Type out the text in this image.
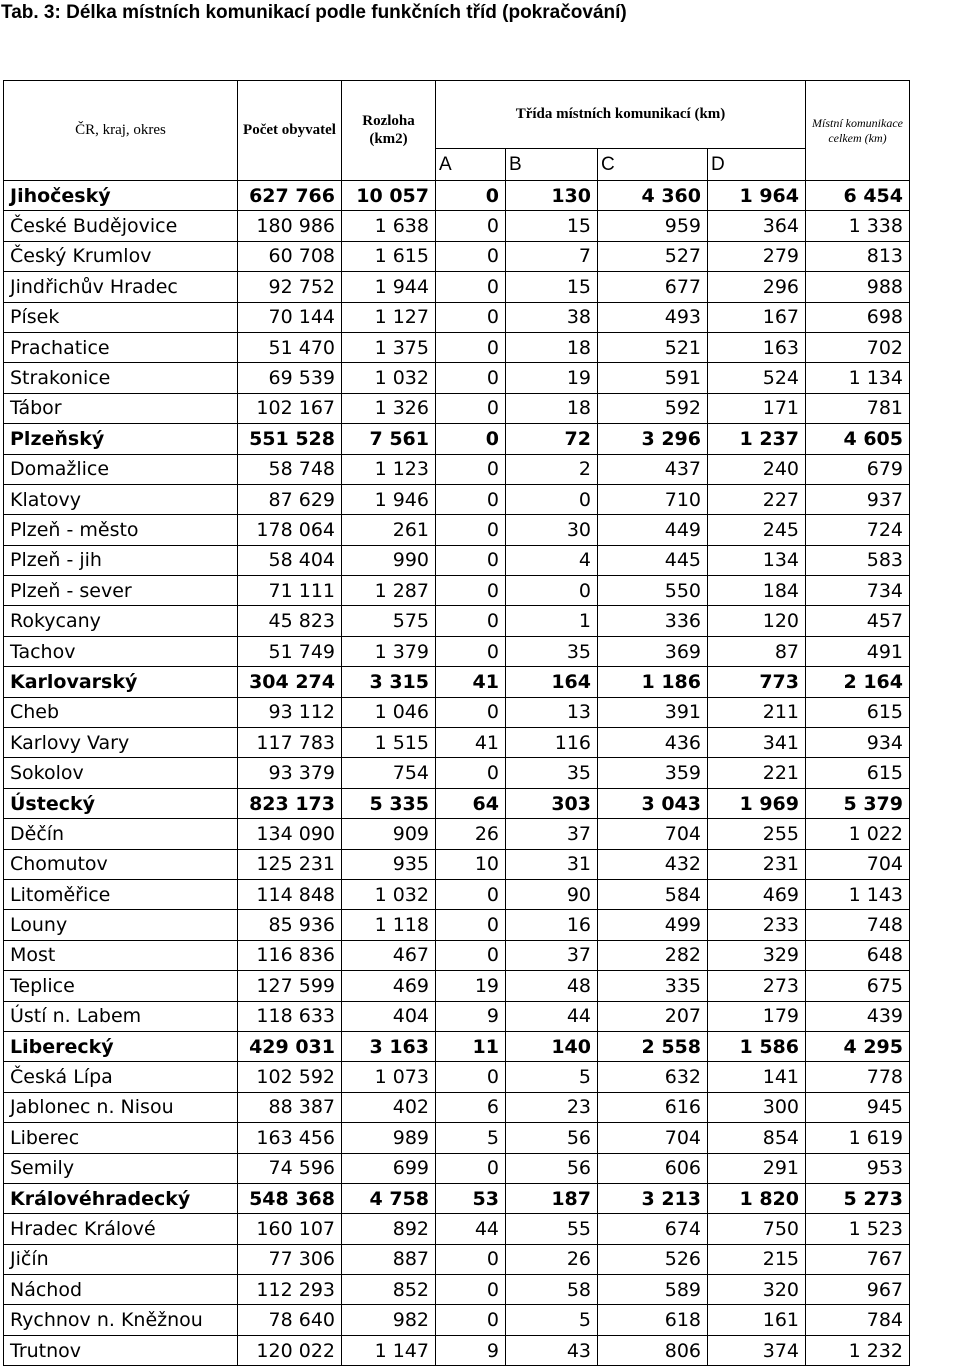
Tab. 3: Délka místních komunikací podle funkčních tříd (pokračování)
ČR, kraj, okres	Počet obyvatel	Rozloha (km2)	Třída místních komunikací (km)				Místní komunikace celkem (km)
			A	B	C	D	
Jihočeský	627 766	10 057	0	130	4 360	1 964	6 454
České Budějovice	180 986	1 638	0	15	959	364	1 338
Český Krumlov	60 708	1 615	0	7	527	279	813
Jindřichův Hradec	92 752	1 944	0	15	677	296	988
Písek	70 144	1 127	0	38	493	167	698
Prachatice	51 470	1 375	0	18	521	163	702
Strakonice	69 539	1 032	0	19	591	524	1 134
Tábor	102 167	1 326	0	18	592	171	781
Plzeňský	551 528	7 561	0	72	3 296	1 237	4 605
Domažlice	58 748	1 123	0	2	437	240	679
Klatovy	87 629	1 946	0	0	710	227	937
Plzeň - město	178 064	261	0	30	449	245	724
Plzeň - jih	58 404	990	0	4	445	134	583
Plzeň - sever	71 111	1 287	0	0	550	184	734
Rokycany	45 823	575	0	1	336	120	457
Tachov	51 749	1 379	0	35	369	87	491
Karlovarský	304 274	3 315	41	164	1 186	773	2 164
Cheb	93 112	1 046	0	13	391	211	615
Karlovy Vary	117 783	1 515	41	116	436	341	934
Sokolov	93 379	754	0	35	359	221	615
Ústecký	823 173	5 335	64	303	3 043	1 969	5 379
Děčín	134 090	909	26	37	704	255	1 022
Chomutov	125 231	935	10	31	432	231	704
Litoměřice	114 848	1 032	0	90	584	469	1 143
Louny	85 936	1 118	0	16	499	233	748
Most	116 836	467	0	37	282	329	648
Teplice	127 599	469	19	48	335	273	675
Ústí n. Labem	118 633	404	9	44	207	179	439
Liberecký	429 031	3 163	11	140	2 558	1 586	4 295
Česká Lípa	102 592	1 073	0	5	632	141	778
Jablonec n. Nisou	88 387	402	6	23	616	300	945
Liberec	163 456	989	5	56	704	854	1 619
Semily	74 596	699	0	56	606	291	953
Královéhradecký	548 368	4 758	53	187	3 213	1 820	5 273
Hradec Králové	160 107	892	44	55	674	750	1 523
Jičín	77 306	887	0	26	526	215	767
Náchod	112 293	852	0	58	589	320	967
Rychnov n. Kněžnou	78 640	982	0	5	618	161	784
Trutnov	120 022	1 147	9	43	806	374	1 232
